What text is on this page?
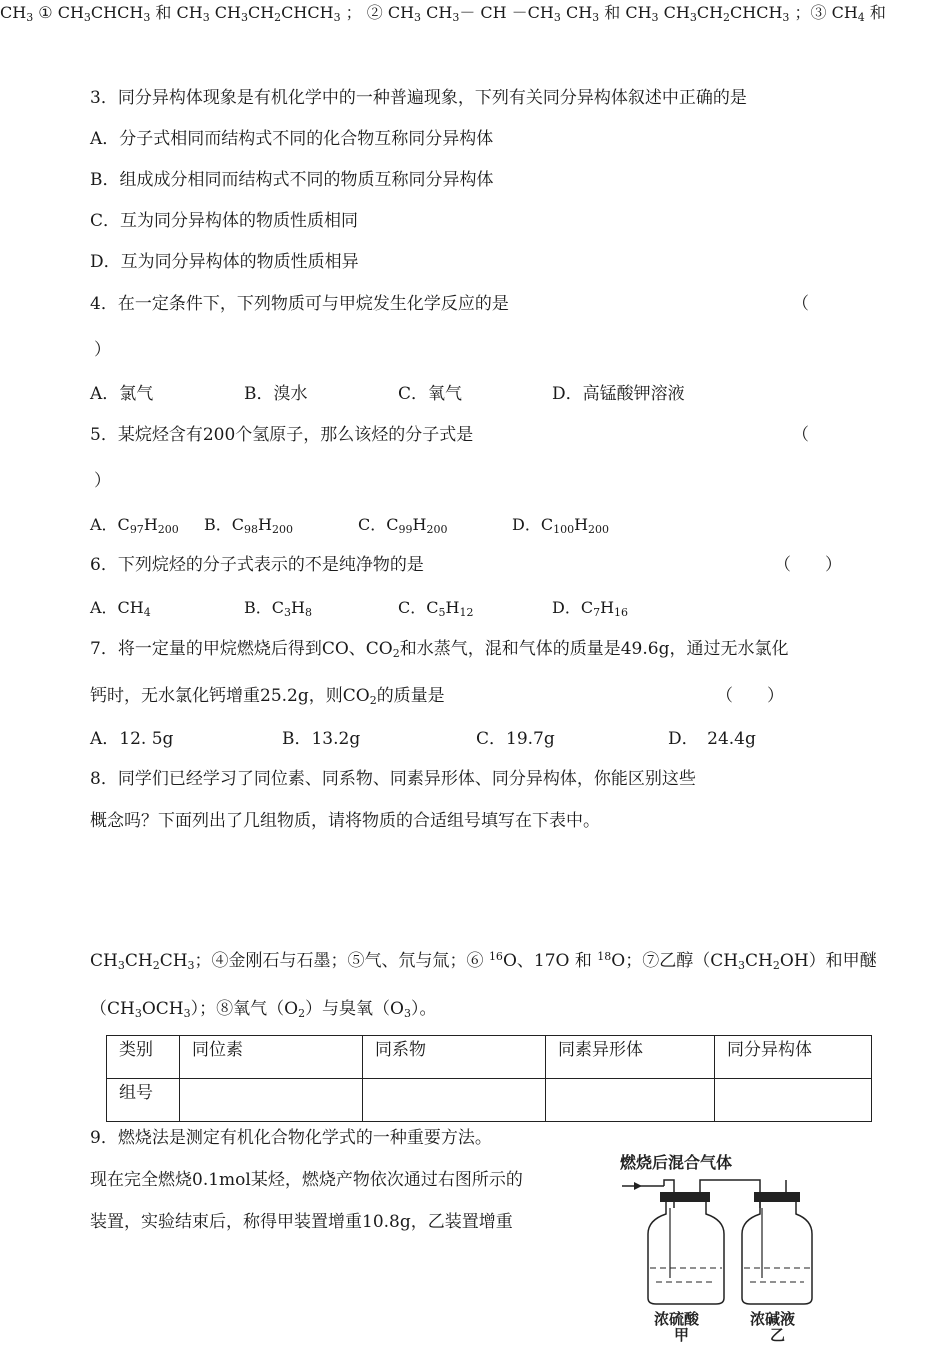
3．同分异构体现象是有机化学中的一种普遍现象，下列有关同分异构体叙述中正确的是
A．分子式相同而结构式不同的化合物互称同分异构体
B．组成成分相同而结构式不同的物质互称同分异构体
C．互为同分异构体的物质性质相同
D．互为同分异构体的物质性质相异
4．在一定条件下，下列物质可与甲烷发生化学反应的是	（
）
A．氯气	B．溴水	C．氧气	D．高锰酸钾溶液
5．某烷烃含有200个氢原子，那么该烃的分子式是	（
）
A．$C_{97}H_{200}$ B．$C_{98}H_{200}$	C．$C_{99}H_{200}$	D．$C_{100}H_{200}$
6．下列烷烃的分子式表示的不是纯净物的是	（　　）
A．$CH_4$	B．$C_3H_8$	C．$C_5H_{12}$	D．$C_7H_{16}$
7．将一定量的甲烷燃烧后得到CO、$CO_2$和水蒸气，混和气体的质量是49.6g，通过无水氯化
钙时，无水氯化钙增重25.2g，则$CO_2$的质量是	（　　）
A．12. 5g	B．13.2g	C．19.7g	D．　24.4g
8．同学们已经学习了同位素、同系物、同素异形体、同分异构体，你能区别这些
概念吗？下面列出了几组物质，请将物质的合适组号填写在下表中。
$CH_3$ ① $CH_3CHCH_3$ 和 $CH_3$ $CH_3CH_2CHCH_3$ ； ② $CH_3$ $CH_3-$ CH $-CH_3$ $CH_3$ 和 $CH_3$ $CH_3CH_2CHCH_3$ ；③ $CH_4$ 和
$CH_3CH_2CH_3$；④金刚石与石墨；⑤气、氘与氚；⑥ $^{16}$O、17O 和 $^{18}$O；⑦乙醇$(CH_3CH_2OH)$和甲醚
$(CH_3OCH_3)$；⑧氧气$(O_2)$与臭氧$(O_3)$。
类别	同位素	同系物	同素异形体	同分异构体
组号				
9．燃烧法是测定有机化合物化学式的一种重要方法。
现在完全燃烧0.1mol某烃，燃烧产物依次通过右图所示的
装置，实验结束后，称得甲装置增重10.8g，乙装置增重
燃烧后混合气体
浓硫酸
甲
浓碱液
乙
